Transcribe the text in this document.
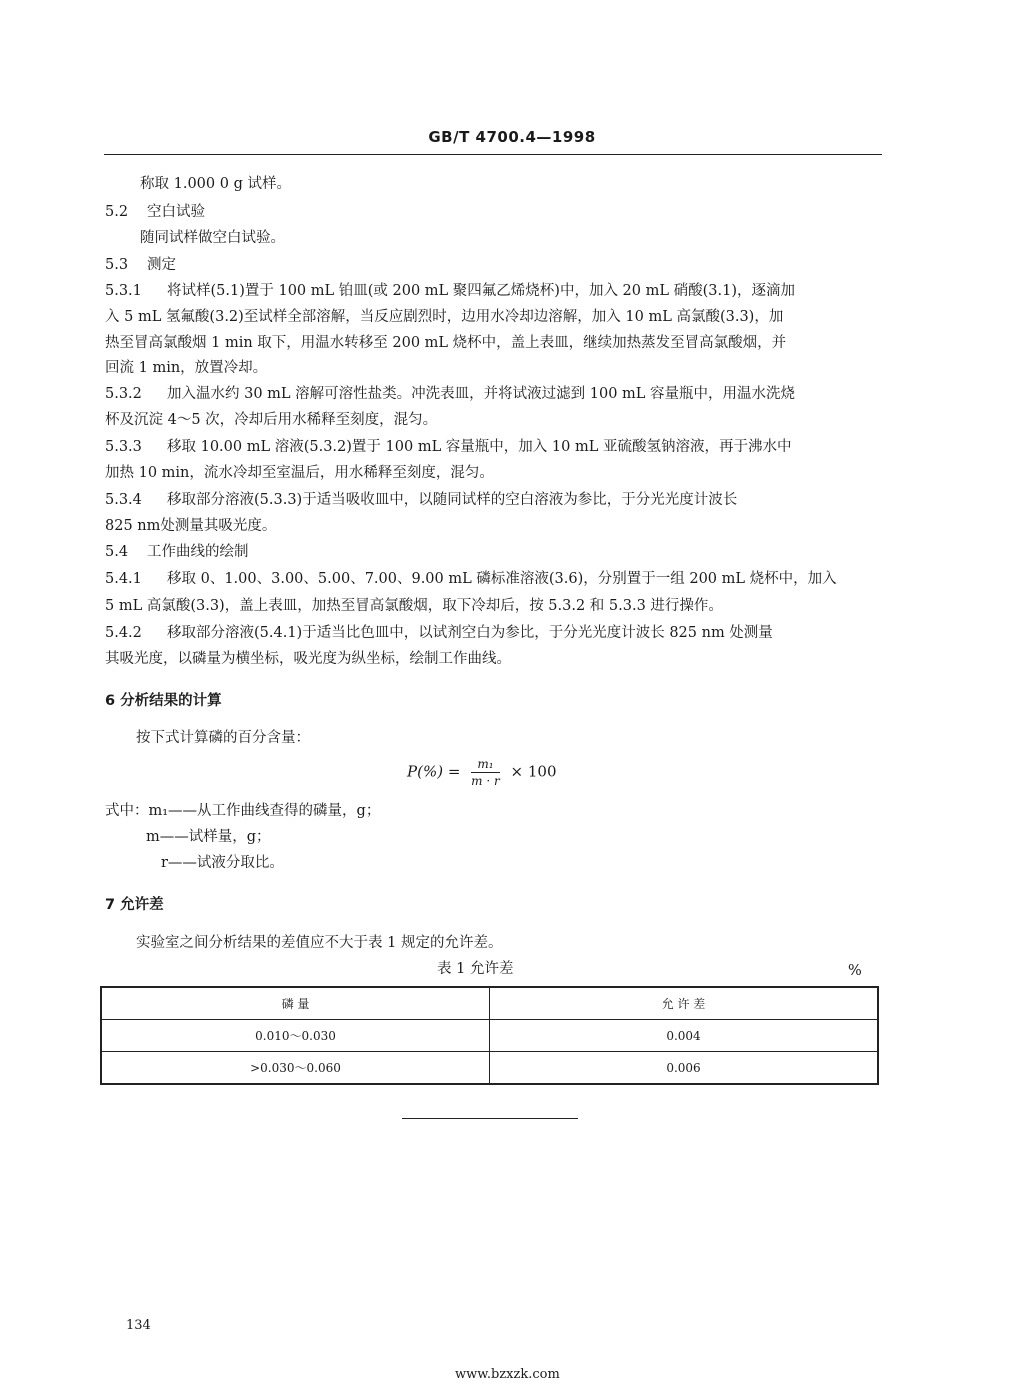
GB/T 4700.4—1998
称取 1.000 0 g 试样。
5.2 空白试验
随同试样做空白试验。
5.3 测定
5.3.1 将试样(5.1)置于 100 mL 铂皿(或 200 mL 聚四氟乙烯烧杯)中，加入 20 mL 硝酸(3.1)，逐滴加
入 5 mL 氢氟酸(3.2)至试样全部溶解，当反应剧烈时，边用水冷却边溶解，加入 10 mL 高氯酸(3.3)，加
热至冒高氯酸烟 1 min 取下，用温水转移至 200 mL 烧杯中，盖上表皿，继续加热蒸发至冒高氯酸烟，并
回流 1 min，放置冷却。
5.3.2 加入温水约 30 mL 溶解可溶性盐类。冲洗表皿，并将试液过滤到 100 mL 容量瓶中，用温水洗烧
杯及沉淀 4～5 次，冷却后用水稀释至刻度，混匀。
5.3.3 移取 10.00 mL 溶液(5.3.2)置于 100 mL 容量瓶中，加入 10 mL 亚硫酸氢钠溶液，再于沸水中
加热 10 min，流水冷却至室温后，用水稀释至刻度，混匀。
5.3.4 移取部分溶液(5.3.3)于适当吸收皿中，以随同试样的空白溶液为参比，于分光光度计波长
825 nm处测量其吸光度。
5.4 工作曲线的绘制
5.4.1 移取 0、1.00、3.00、5.00、7.00、9.00 mL 磷标准溶液(3.6)，分别置于一组 200 mL 烧杯中，加入
5 mL 高氯酸(3.3)，盖上表皿，加热至冒高氯酸烟，取下冷却后，按 5.3.2 和 5.3.3 进行操作。
5.4.2 移取部分溶液(5.4.1)于适当比色皿中，以试剂空白为参比，于分光光度计波长 825 nm 处测量
其吸光度，以磷量为横坐标，吸光度为纵坐标，绘制工作曲线。
6 分析结果的计算
按下式计算磷的百分含量：
$P(\%) = \frac{\text{m₁}}{m \cdot r} \times 100$
式中：m₁——从工作曲线查得的磷量，g；
m——试样量，g；
r——试液分取比。
7 允许差
实验室之间分析结果的差值应不大于表 1 规定的允许差。
表 1 允许差	%
磷 量	允 许 差
0.010～0.030	0.004
>0.030～0.060	0.006
134
www.bzxzk.com
